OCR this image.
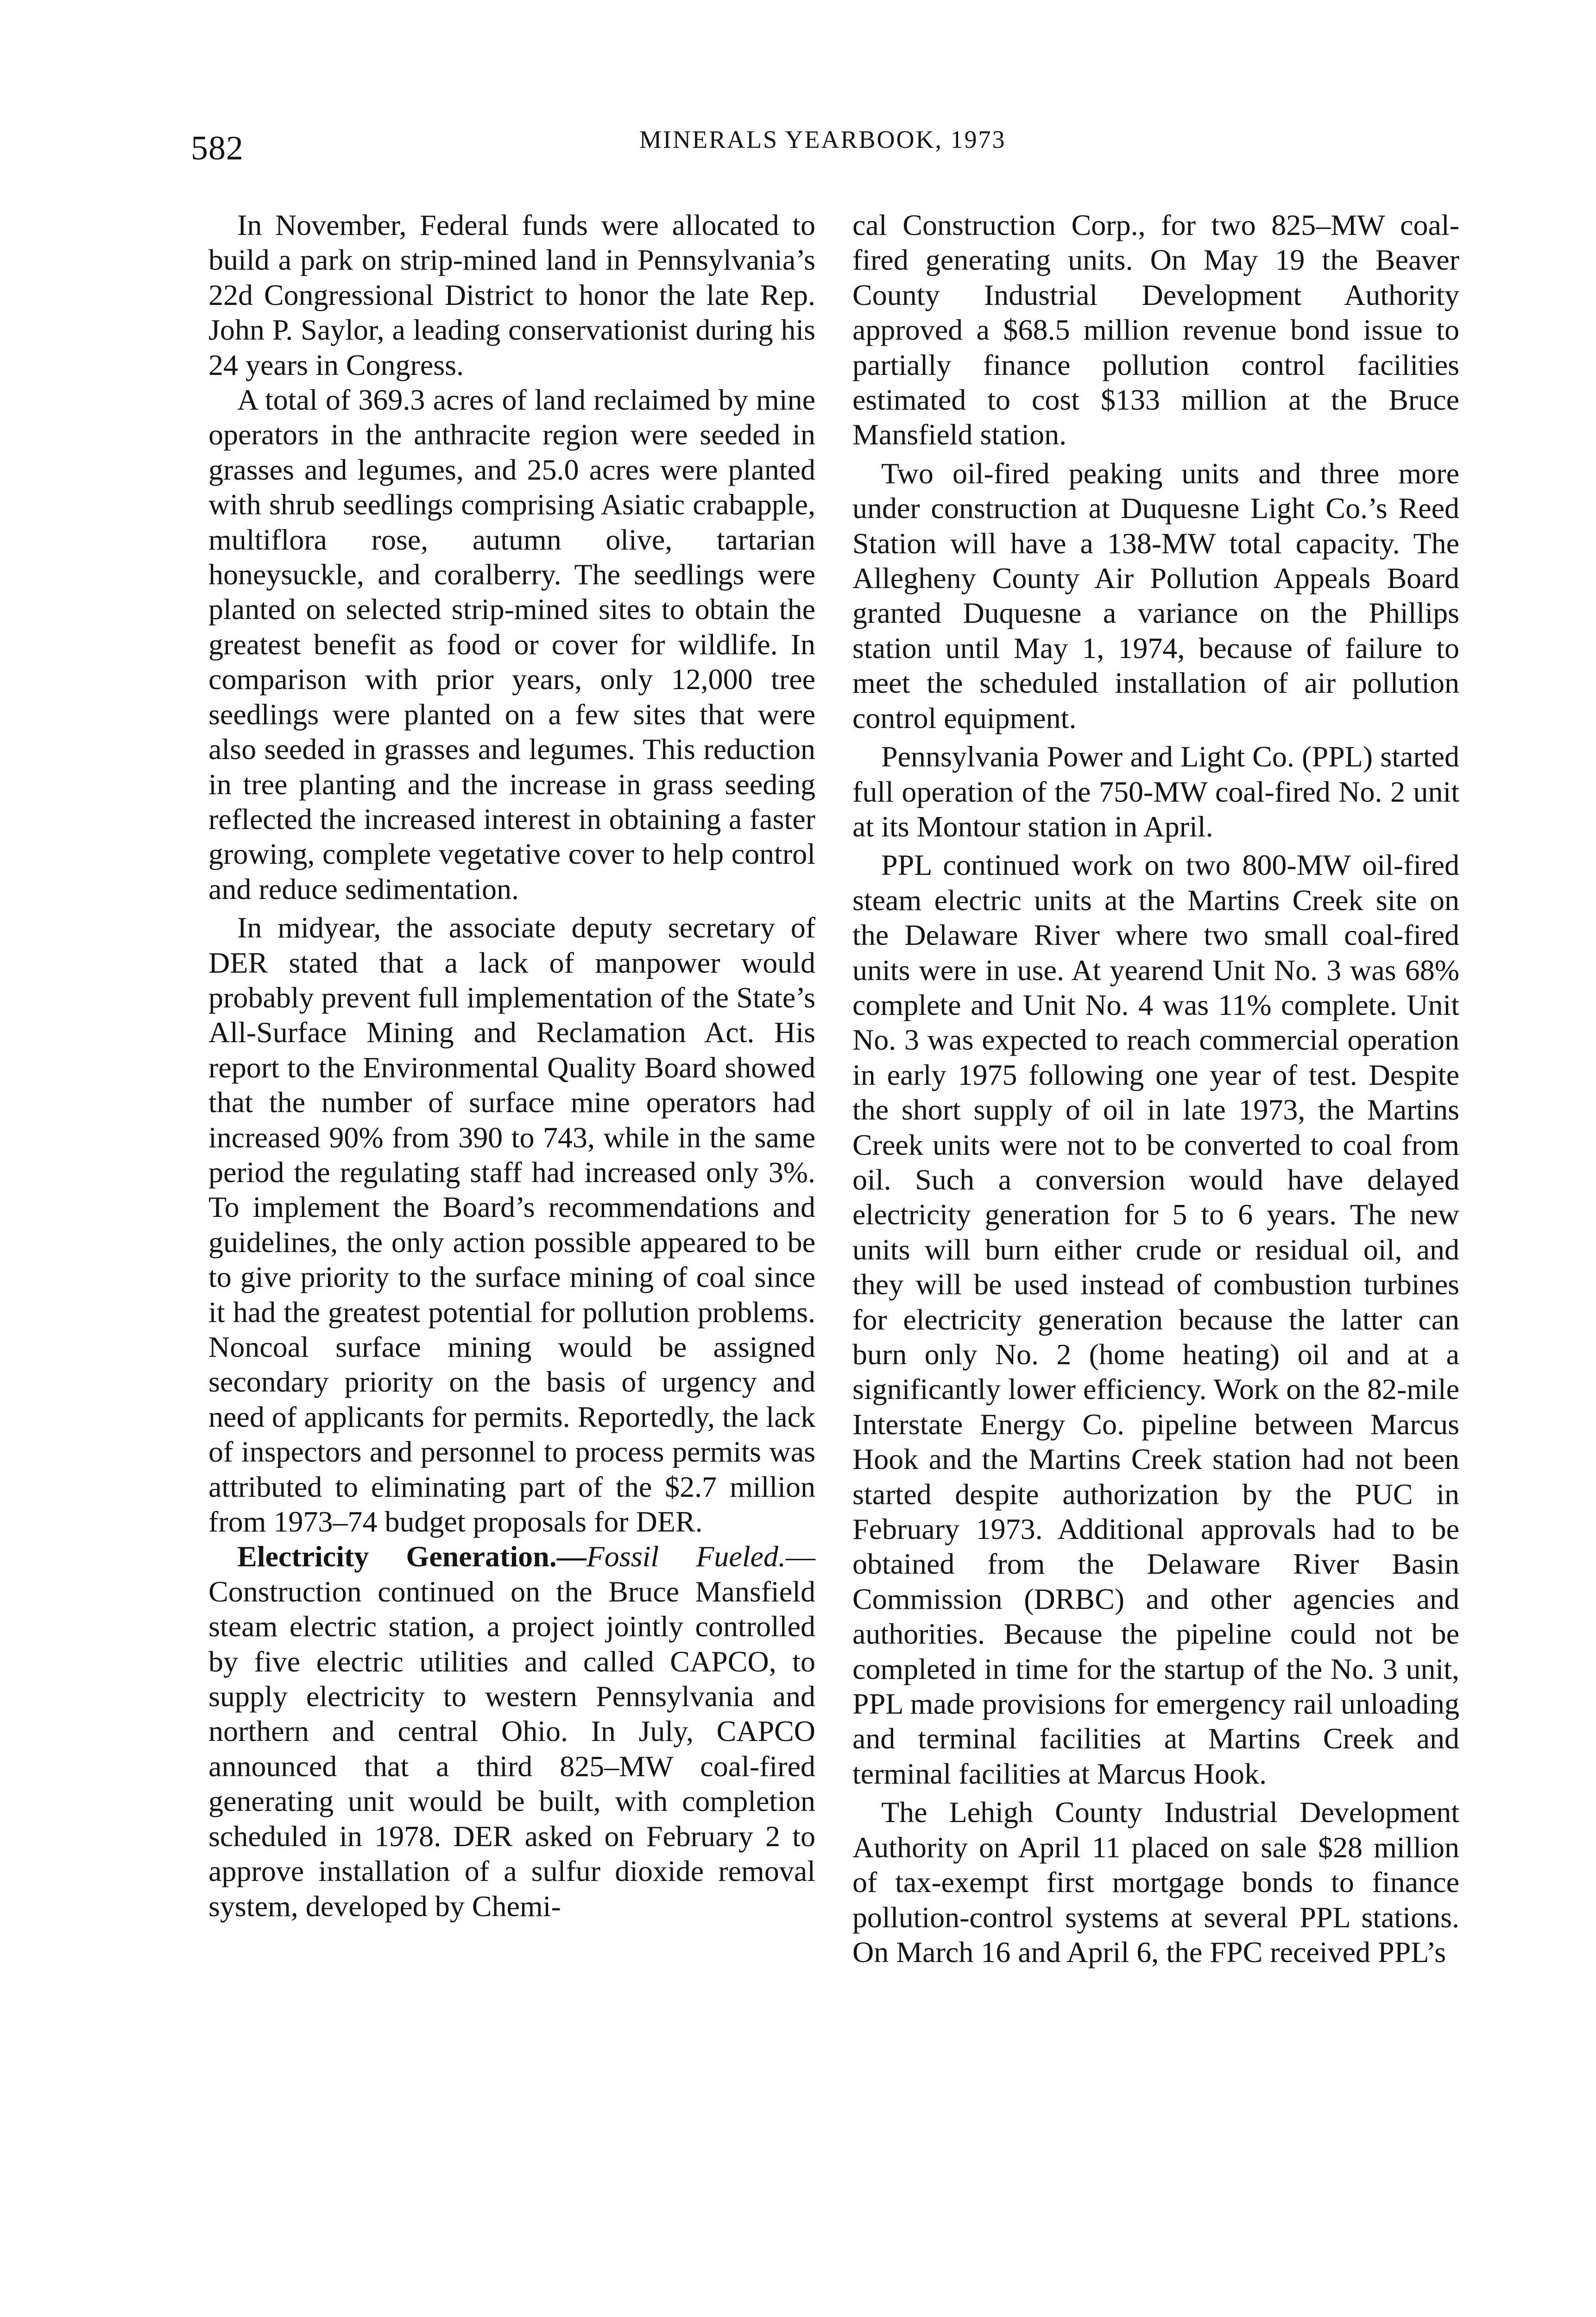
582	MINERALS YEARBOOK, 1973

In November, Federal funds were allocated to build a park on strip-mined land in Pennsylvania’s 22d Congressional District to honor the late Rep. John P. Saylor, a leading conservationist during his 24 years in Congress.

A total of 369.3 acres of land reclaimed by mine operators in the anthracite region were seeded in grasses and legumes, and 25.0 acres were planted with shrub seedlings comprising Asiatic crabapple, multiflora rose, autumn olive, tartarian honeysuckle, and coralberry. The seedlings were planted on selected strip-mined sites to obtain the greatest benefit as food or cover for wildlife. In comparison with prior years, only 12,000 tree seedlings were planted on a few sites that were also seeded in grasses and legumes. This reduction in tree planting and the increase in grass seeding reflected the increased interest in obtaining a faster growing, complete vegetative cover to help control and reduce sedimentation.

In midyear, the associate deputy secretary of DER stated that a lack of manpower would probably prevent full implementation of the State’s All-Surface Mining and Reclamation Act. His report to the Environmental Quality Board showed that the number of surface mine operators had increased 90% from 390 to 743, while in the same period the regulating staff had increased only 3%. To implement the Board’s recommendations and guidelines, the only action possible appeared to be to give priority to the surface mining of coal since it had the greatest potential for pollution problems. Noncoal surface mining would be assigned secondary priority on the basis of urgency and need of applicants for permits. Reportedly, the lack of inspectors and personnel to process permits was attributed to eliminating part of the $2.7 million from 1973–74 budget proposals for DER.

Electricity Generation.—Fossil Fueled.— Construction continued on the Bruce Mansfield steam electric station, a project jointly controlled by five electric utilities and called CAPCO, to supply electricity to western Pennsylvania and northern and central Ohio. In July, CAPCO announced that a third 825–MW coal-fired generating unit would be built, with completion scheduled in 1978. DER asked on February 2 to approve installation of a sulfur dioxide removal system, developed by Chemi-

cal Construction Corp., for two 825–MW coal-fired generating units. On May 19 the Beaver County Industrial Development Authority approved a $68.5 million revenue bond issue to partially finance pollution control facilities estimated to cost $133 million at the Bruce Mansfield station.

Two oil-fired peaking units and three more under construction at Duquesne Light Co.’s Reed Station will have a 138-MW total capacity. The Allegheny County Air Pollution Appeals Board granted Duquesne a variance on the Phillips station until May 1, 1974, because of failure to meet the scheduled installation of air pollution control equipment.

Pennsylvania Power and Light Co. (PPL) started full operation of the 750-MW coal-fired No. 2 unit at its Montour station in April.

PPL continued work on two 800-MW oil-fired steam electric units at the Martins Creek site on the Delaware River where two small coal-fired units were in use. At yearend Unit No. 3 was 68% complete and Unit No. 4 was 11% complete. Unit No. 3 was expected to reach commercial operation in early 1975 following one year of test. Despite the short supply of oil in late 1973, the Martins Creek units were not to be converted to coal from oil. Such a conversion would have delayed electricity generation for 5 to 6 years. The new units will burn either crude or residual oil, and they will be used instead of combustion turbines for electricity generation because the latter can burn only No. 2 (home heating) oil and at a significantly lower efficiency. Work on the 82-mile Interstate Energy Co. pipeline between Marcus Hook and the Martins Creek station had not been started despite authorization by the PUC in February 1973. Additional approvals had to be obtained from the Delaware River Basin Commission (DRBC) and other agencies and authorities. Because the pipeline could not be completed in time for the startup of the No. 3 unit, PPL made provisions for emergency rail unloading and terminal facilities at Martins Creek and terminal facilities at Marcus Hook.

The Lehigh County Industrial Development Authority on April 11 placed on sale $28 million of tax-exempt first mortgage bonds to finance pollution-control systems at several PPL stations. On March 16 and April 6, the FPC received PPL’s
